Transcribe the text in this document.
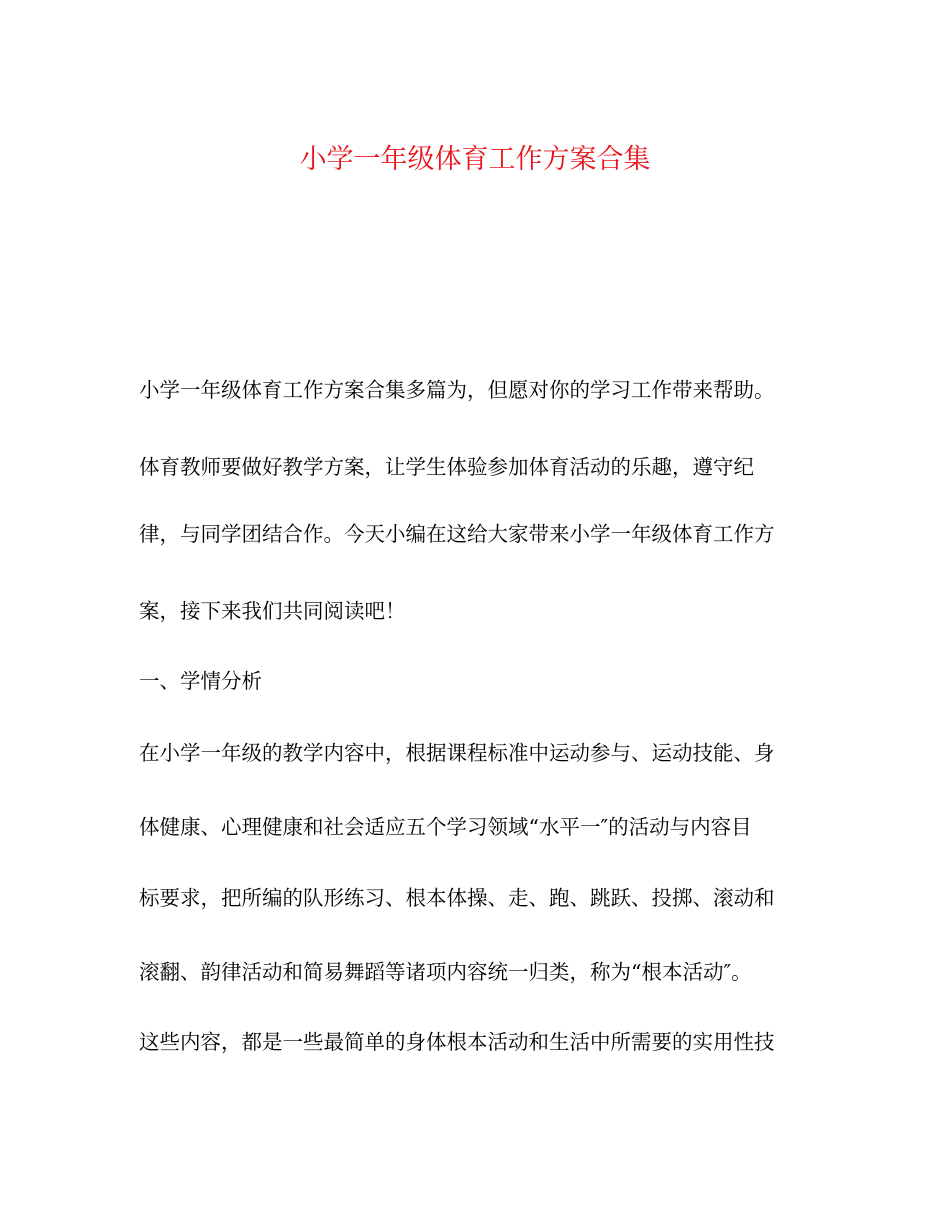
小学一年级体育工作方案合集

小学一年级体育工作方案合集多篇为，但愿对你的学习工作带来帮助。

体育教师要做好教学方案，让学生体验参加体育活动的乐趣，遵守纪

律，与同学团结合作。今天小编在这给大家带来小学一年级体育工作方

案，接下来我们共同阅读吧！

一、学情分析

在小学一年级的教学内容中，根据课程标准中运动参与、运动技能、身

体健康、心理健康和社会适应五个学习领域“水平一″的活动与内容目

标要求，把所编的队形练习、根本体操、走、跑、跳跃、投掷、滚动和

滚翻、韵律活动和简易舞蹈等诸项内容统一归类，称为“根本活动″。

这些内容，都是一些最简单的身体根本活动和生活中所需要的实用性技
